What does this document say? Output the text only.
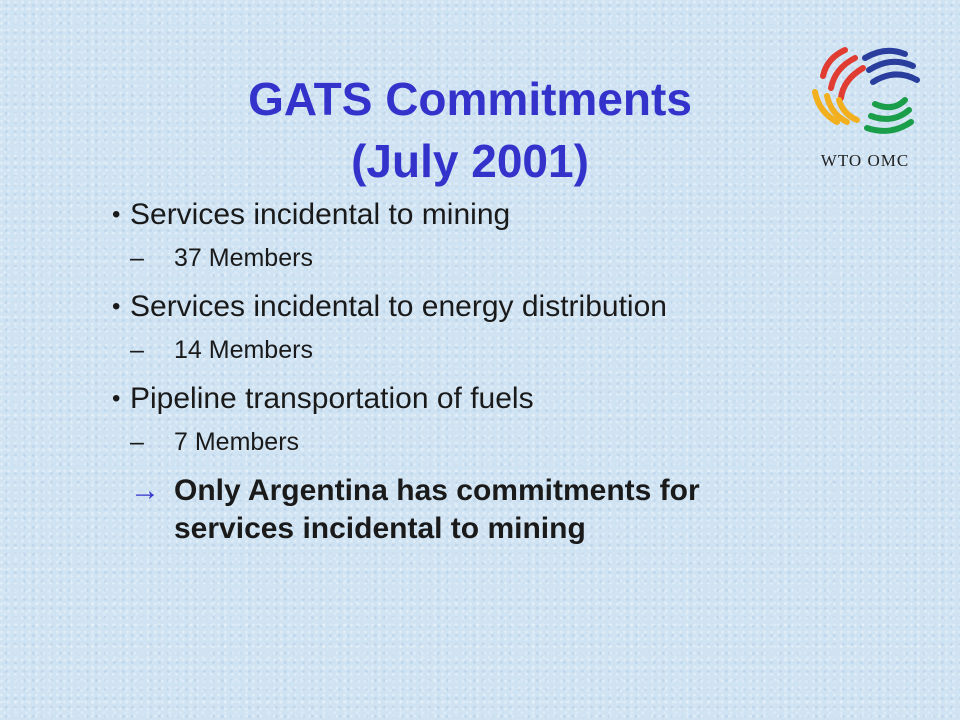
GATS Commitments
(July 2001)	WTO OMC
• Services incidental to mining
– 37 Members
• Services incidental to energy distribution
– 14 Members
• Pipeline transportation of fuels
– 7 Members
→ Only Argentina has commitments for
services incidental to mining
